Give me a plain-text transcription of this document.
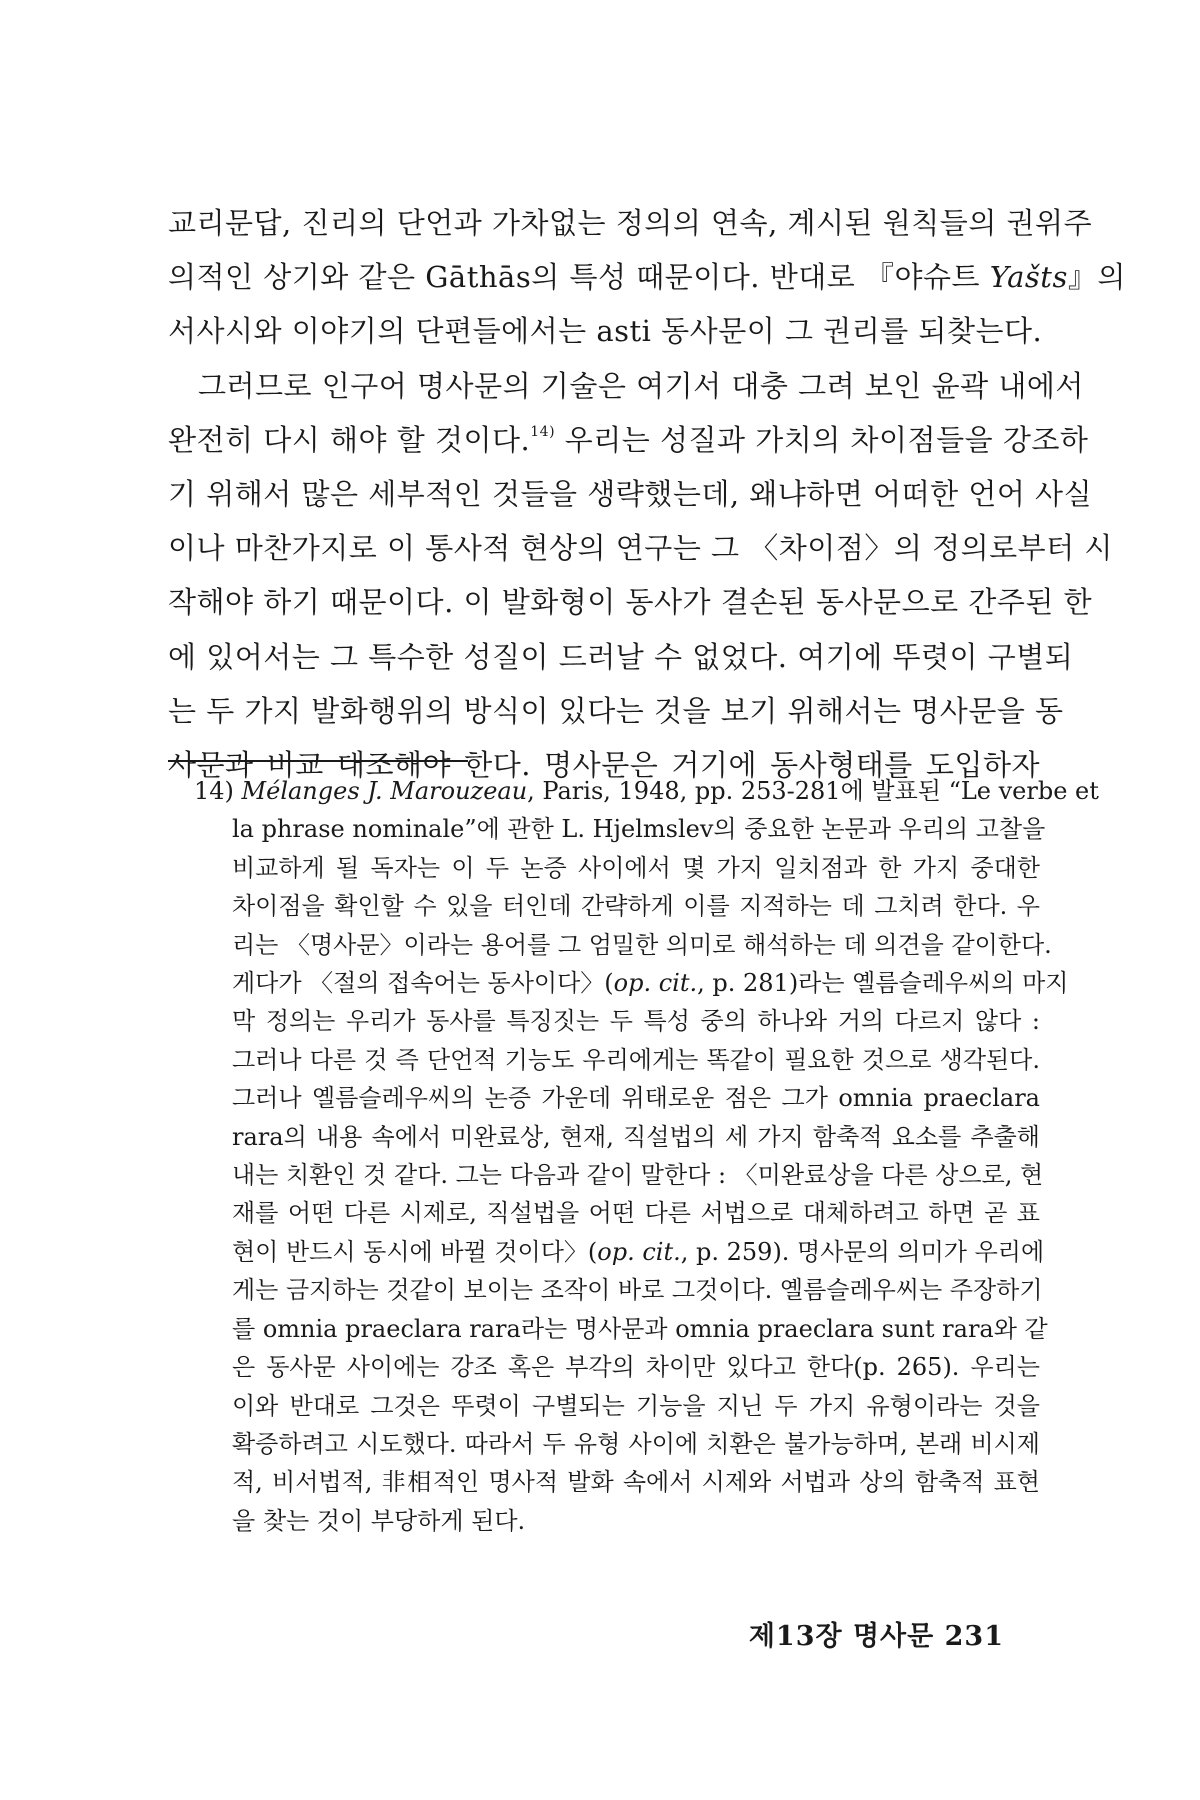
교리문답, 진리의 단언과 가차없는 정의의 연속, 계시된 원칙들의 권위주
의적인 상기와 같은 Gāthās의 특성 때문이다. 반대로 『야슈트 Yašts』의
서사시와 이야기의 단편들에서는 asti 동사문이 그 권리를 되찾는다.

그러므로 인구어 명사문의 기술은 여기서 대충 그려 보인 윤곽 내에서
완전히 다시 해야 할 것이다.$^{14)}$ 우리는 성질과 가치의 차이점들을 강조하
기 위해서 많은 세부적인 것들을 생략했는데, 왜냐하면 어떠한 언어 사실
이나 마찬가지로 이 통사적 현상의 연구는 그 〈차이점〉의 정의로부터 시
작해야 하기 때문이다. 이 발화형이 동사가 결손된 동사문으로 간주된 한
에 있어서는 그 특수한 성질이 드러날 수 없었다. 여기에 뚜렷이 구별되
는 두 가지 발화행위의 방식이 있다는 것을 보기 위해서는 명사문을 동
사문과 비교 대조해야 한다. 명사문은 거기에 동사형태를 도입하자

14) Mélanges J. Marouzeau, Paris, 1948, pp. 253-281에 발표된 “Le verbe et
la phrase nominale”에 관한 L. Hjelmslev의 중요한 논문과 우리의 고찰을
비교하게 될 독자는 이 두 논증 사이에서 몇 가지 일치점과 한 가지 중대한
차이점을 확인할 수 있을 터인데 간략하게 이를 지적하는 데 그치려 한다. 우
리는 〈명사문〉이라는 용어를 그 엄밀한 의미로 해석하는 데 의견을 같이한다.
게다가 〈절의 접속어는 동사이다〉(op. cit., p. 281)라는 옐름슬레우씨의 마지
막 정의는 우리가 동사를 특징짓는 두 특성 중의 하나와 거의 다르지 않다 :
그러나 다른 것 즉 단언적 기능도 우리에게는 똑같이 필요한 것으로 생각된다.
그러나 옐름슬레우씨의 논증 가운데 위태로운 점은 그가 omnia praeclara
rara의 내용 속에서 미완료상, 현재, 직설법의 세 가지 함축적 요소를 추출해
내는 치환인 것 같다. 그는 다음과 같이 말한다 : 〈미완료상을 다른 상으로, 현
재를 어떤 다른 시제로, 직설법을 어떤 다른 서법으로 대체하려고 하면 곧 표
현이 반드시 동시에 바뀔 것이다〉(op. cit., p. 259). 명사문의 의미가 우리에
게는 금지하는 것같이 보이는 조작이 바로 그것이다. 옐름슬레우씨는 주장하기
를 omnia praeclara rara라는 명사문과 omnia praeclara sunt rara와 같
은 동사문 사이에는 강조 혹은 부각의 차이만 있다고 한다(p. 265). 우리는
이와 반대로 그것은 뚜렷이 구별되는 기능을 지닌 두 가지 유형이라는 것을
확증하려고 시도했다. 따라서 두 유형 사이에 치환은 불가능하며, 본래 비시제
적, 비서법적, 非相적인 명사적 발화 속에서 시제와 서법과 상의 함축적 표현
을 찾는 것이 부당하게 된다.
제13장 명사문 231
